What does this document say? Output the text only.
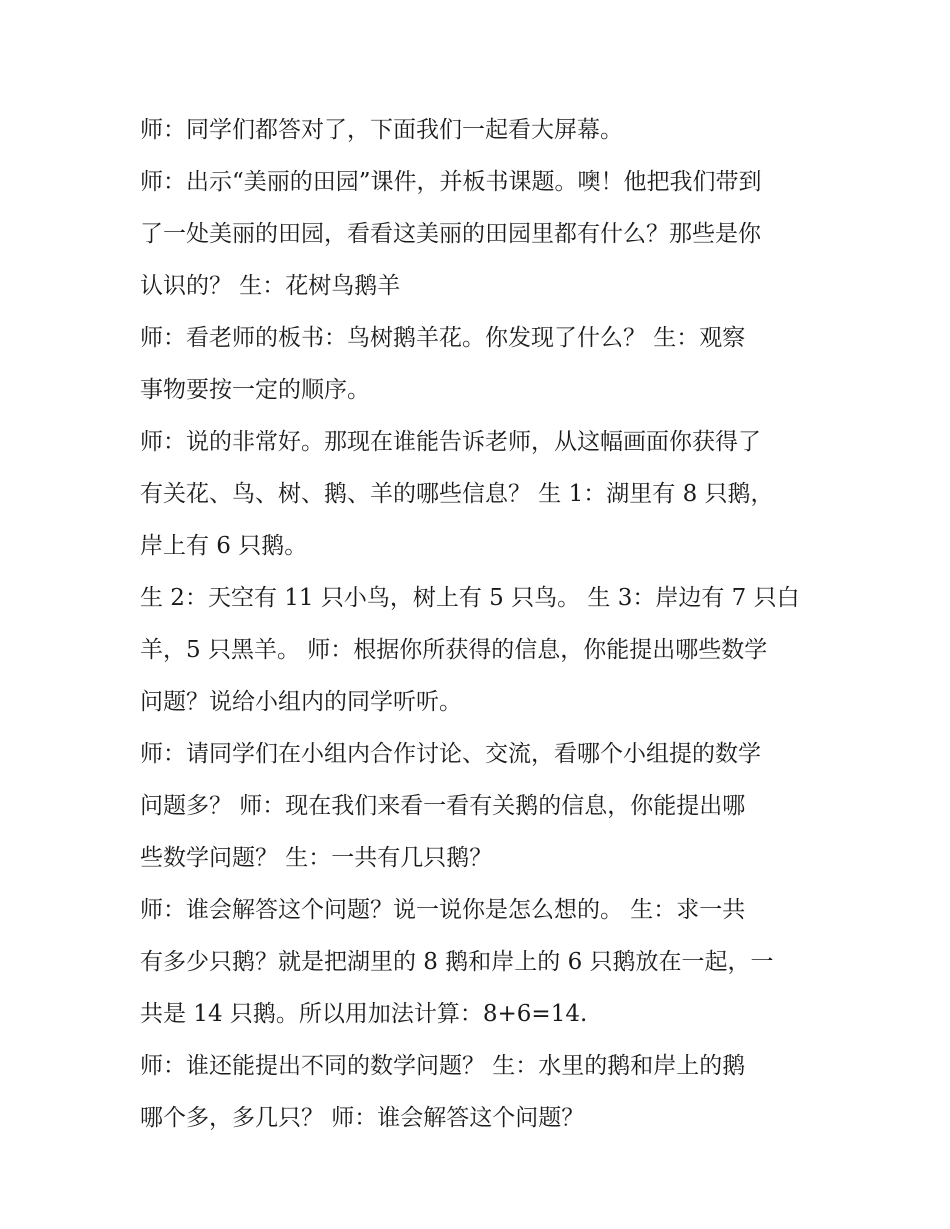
师：同学们都答对了，下面我们一起看大屏幕。
师：出示“美丽的田园”课件，并板书课题。噢！他把我们带到
了一处美丽的田园，看看这美丽的田园里都有什么？那些是你
认识的？ 生：花树鸟鹅羊
师：看老师的板书：鸟树鹅羊花。你发现了什么？ 生：观察
事物要按一定的顺序。
师：说的非常好。那现在谁能告诉老师，从这幅画面你获得了
有关花、鸟、树、鹅、羊的哪些信息？ 生 1：湖里有 8 只鹅，
岸上有 6 只鹅。
生 2：天空有 11 只小鸟，树上有 5 只鸟。 生 3：岸边有 7 只白
羊，5 只黑羊。 师：根据你所获得的信息，你能提出哪些数学
问题？说给小组内的同学听听。
师：请同学们在小组内合作讨论、交流，看哪个小组提的数学
问题多？ 师：现在我们来看一看有关鹅的信息，你能提出哪
些数学问题？ 生：一共有几只鹅？
师：谁会解答这个问题？说一说你是怎么想的。 生：求一共
有多少只鹅？就是把湖里的 8 鹅和岸上的 6 只鹅放在一起，一
共是 14 只鹅。所以用加法计算：8+6=14.
师：谁还能提出不同的数学问题？ 生：水里的鹅和岸上的鹅
哪个多，多几只？ 师：谁会解答这个问题？
